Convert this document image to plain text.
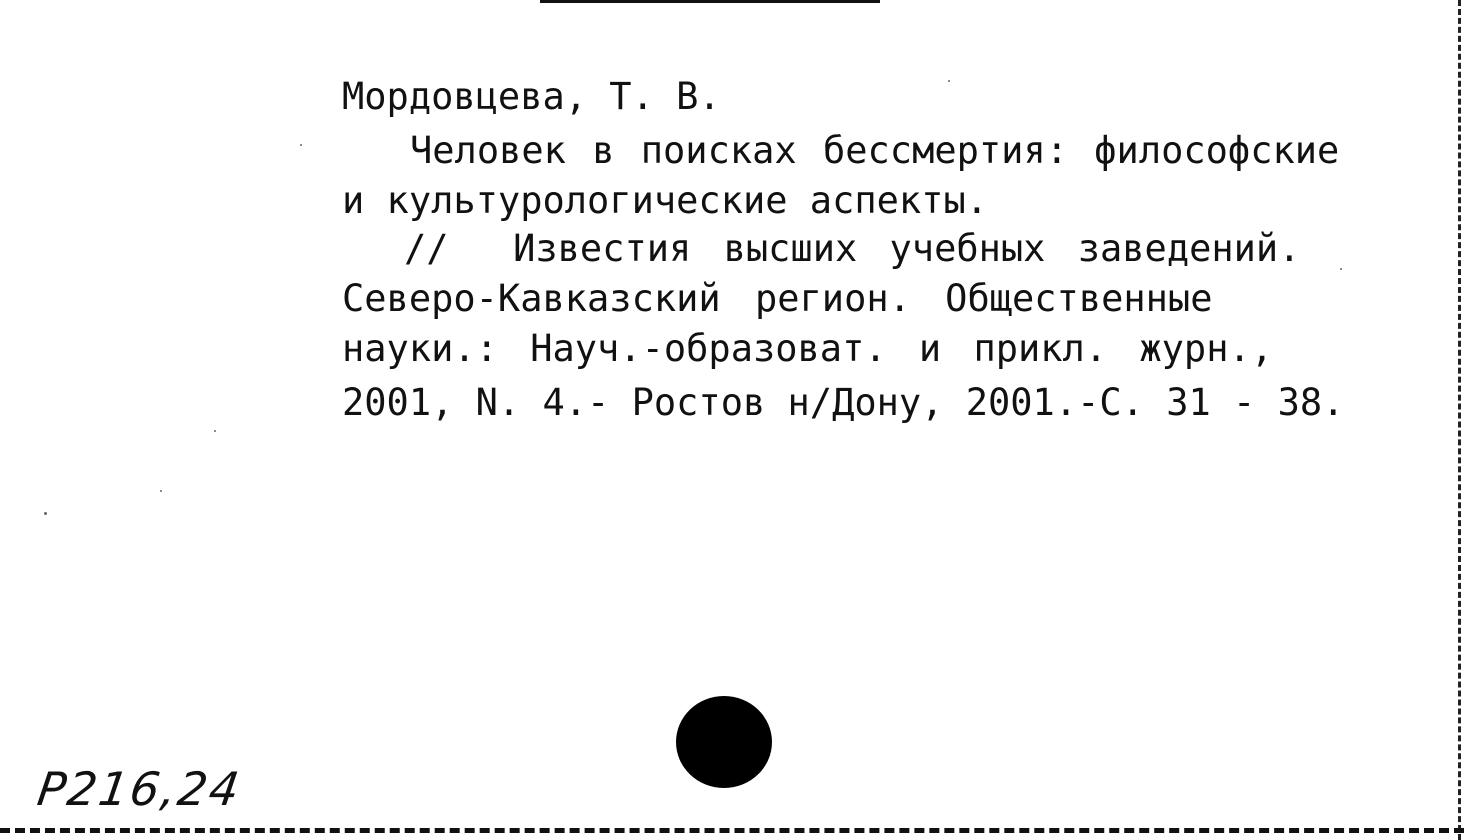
Мордовцева, Т. В.
Человек в поисках бессмертия: философские
и культурологические аспекты.
//  Известия высших учебных заведений.
Северо-Кавказский регион. Общественные
науки.: Науч.-образоват. и прикл. журн.,
2001, N. 4.- Ростов н/Дону, 2001.-С. 31 - 38.
P216,24
